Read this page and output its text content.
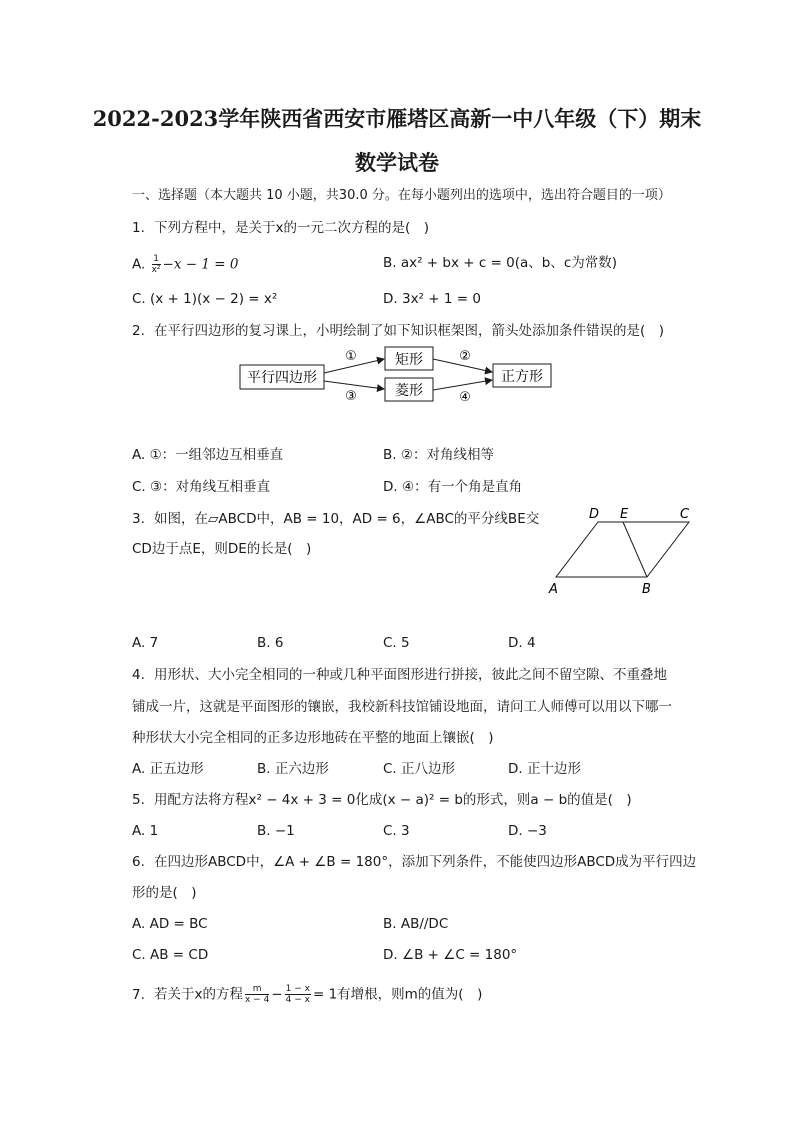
2022-2023学年陕西省西安市雁塔区高新一中八年级（下）期末
数学试卷
一、选择题（本大题共 10 小题，共30.0 分。在每小题列出的选项中，选出符合题目的一项）
1. 下列方程中，是关于x的一元二次方程的是(　)
A. $\frac{1}{\text{x²}} -x - 1 = 0$	B. ax² + bx + c = 0(a、b、c为常数)
C. (x + 1)(x − 2) = x²	D. 3x² + 1 = 0
2. 在平行四边形的复习课上，小明绘制了如下知识框架图，箭头处添加条件错误的是(　)
平行四边形
矩形
菱形
正方形
①
③
②
④
A. ①：一组邻边互相垂直	B. ②：对角线相等
C. ③：对角线互相垂直	D. ④：有一个角是直角
3. 如图，在▱ABCD中，AB = 10，AD = 6，∠ABC的平分线BE交
CD边于点E，则DE的长是(　)
D E	C
A	B
A. 7	B. 6	C. 5	D. 4
4. 用形状、大小完全相同的一种或几种平面图形进行拼接，彼此之间不留空隙、不重叠地
铺成一片，这就是平面图形的镶嵌，我校新科技馆铺设地面，请问工人师傅可以用以下哪一
种形状大小完全相同的正多边形地砖在平整的地面上镶嵌(　)
A. 正五边形	B. 正六边形	C. 正八边形	D. 正十边形
5. 用配方法将方程x² − 4x + 3 = 0化成(x − a)² = b的形式，则a − b的值是(　)
A. 1	B. −1	C. 3	D. −3
6. 在四边形ABCD中，∠A + ∠B = 180°，添加下列条件，不能使四边形ABCD成为平行四边
形的是(　)
A. AD = BC	B. AB//DC
C. AB = CD	D. ∠B + ∠C = 180°
7. 若关于x的方程 $\frac{m}{x - 4} - \frac{1 - x}{4 - x} = 1$有增根，则m的值为(　)
